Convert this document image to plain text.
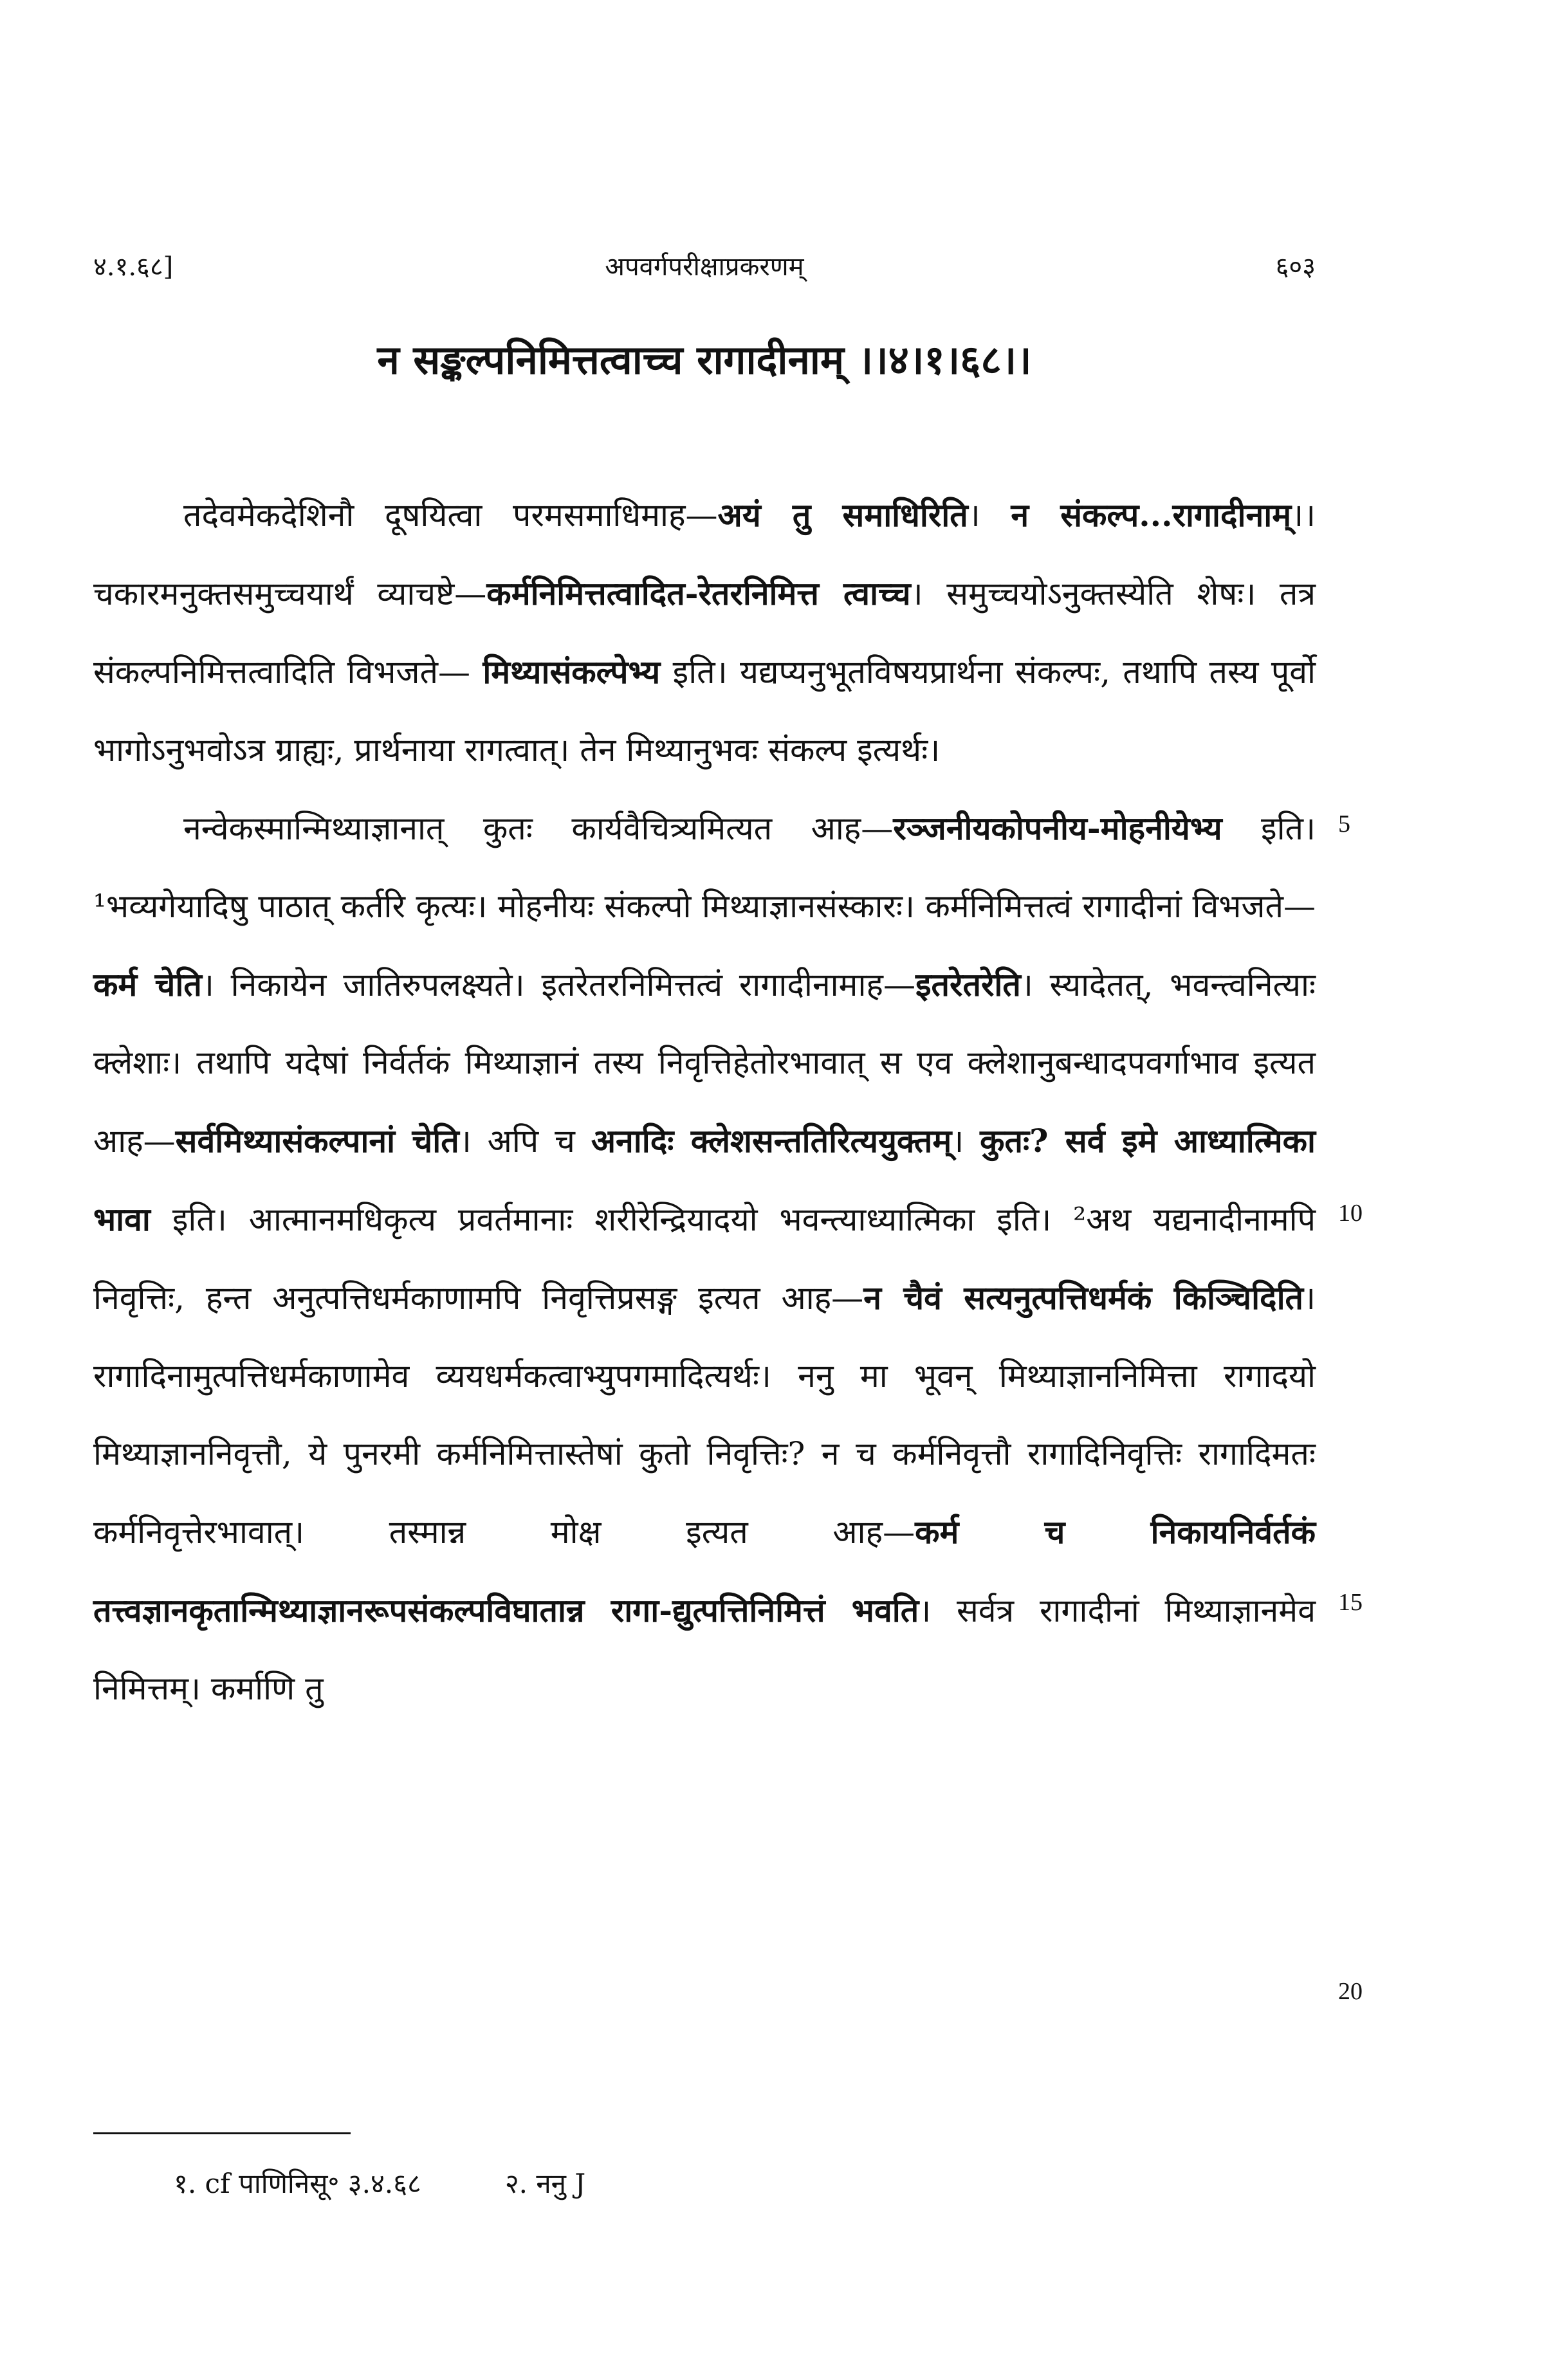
४.१.६८]	अपवर्गपरीक्षाप्रकरणम्	६०३
न सङ्कल्पनिमित्तत्वाच्च रागादीनाम् ।।४।१।६८।।

तदेवमेकदेशिनौ दूषयित्वा परमसमाधिमाह—अयं तु समाधिरिति। न संकल्प...रागादीनाम्।। चकारमनुक्तसमुच्चयार्थं व्याचष्टे—कर्मनिमित्तत्वादित-रेतरनिमित्त त्वाच्च। समुच्चयोऽनुक्तस्येति शेषः। तत्र संकल्पनिमित्तत्वादिति विभजते— मिथ्यासंकल्पेभ्य इति। यद्यप्यनुभूतविषयप्रार्थना संकल्पः, तथापि तस्य पूर्वो भागोऽनुभवोऽत्र ग्राह्यः, प्रार्थनाया रागत्वात्। तेन मिथ्यानुभवः संकल्प इत्यर्थः।

नन्वेकस्मान्मिथ्याज्ञानात् कुतः कार्यवैचित्र्यमित्यत आह—रञ्जनीयकोपनीय-मोहनीयेभ्य इति। ¹भव्यगेयादिषु पाठात् कर्तरि कृत्यः। मोहनीयः संकल्पो मिथ्याज्ञानसंस्कारः। कर्मनिमित्तत्वं रागादीनां विभजते—कर्म चेति। निकायेन जातिरुपलक्ष्यते। इतरेतरनिमित्तत्वं रागादीनामाह—इतरेतरेति। स्यादेतत्, भवन्त्वनित्याः क्लेशाः। तथापि यदेषां निर्वर्तकं मिथ्याज्ञानं तस्य निवृत्तिहेतोरभावात् स एव क्लेशानुबन्धादपवर्गाभाव इत्यत आह—सर्वमिथ्यासंकल्पानां चेति। अपि च अनादिः क्लेशसन्ततिरित्ययुक्तम्। कुतः? सर्व इमे आध्यात्मिका भावा इति। आत्मानमधिकृत्य प्रवर्तमानाः शरीरेन्द्रियादयो भवन्त्याध्यात्मिका इति। ²अथ यद्यनादीनामपि निवृत्तिः, हन्त अनुत्पत्तिधर्मकाणामपि निवृत्तिप्रसङ्ग इत्यत आह—न चैवं सत्यनुत्पत्तिधर्मकं किञ्चिदिति। रागादिनामुत्पत्तिधर्मकाणामेव व्ययधर्मकत्वाभ्युपगमादित्यर्थः। ननु मा भूवन् मिथ्याज्ञाननिमित्ता रागादयो मिथ्याज्ञाननिवृत्तौ, ये पुनरमी कर्मनिमित्तास्तेषां कुतो निवृत्तिः? न च कर्मनिवृत्तौ रागादिनिवृत्तिः रागादिमतः कर्मनिवृत्तेरभावात्। तस्मान्न मोक्ष इत्यत आह—कर्म च निकायनिर्वर्तकं तत्त्वज्ञानकृतान्मिथ्याज्ञानरूपसंकल्पविघातान्न रागा-द्युत्पत्तिनिमित्तं भवति। सर्वत्र रागादीनां मिथ्याज्ञानमेव निमित्तम्। कर्माणि तु

5
10
15
20
१. cf पाणिनिसू॰ ३.४.६८	२. ननु J
